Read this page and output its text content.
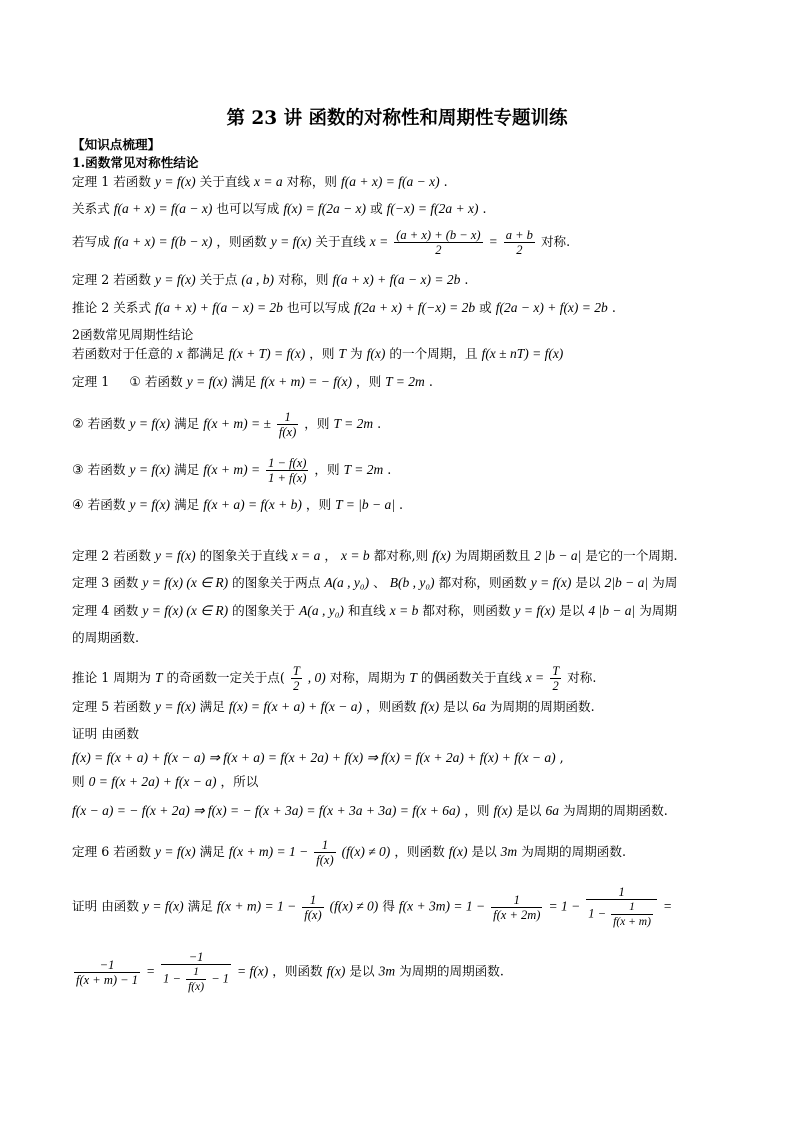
第 23 讲 函数的对称性和周期性专题训练
【知识点梳理】
1.函数常见对称性结论
定理 1 若函数 y = f(x) 关于直线 x = a 对称，则 f(a + x) = f(a − x) .
关系式 f(a + x) = f(a − x) 也可以写成 f(x) = f(2a − x) 或 f(−x) = f(2a + x) .
若写成 f(a + x) = f(b − x) ，则函数 y = f(x) 关于直线 $x = \frac{(a + x) + (b - x)}{2} = \frac{a + b}{2}$ 对称.
定理 2 若函数 y = f(x) 关于点 (a , b) 对称，则 f(a + x) + f(a − x) = 2b .
推论 2 关系式 f(a + x) + f(a − x) = 2b 也可以写成 f(2a + x) + f(−x) = 2b 或 f(2a − x) + f(x) = 2b .
2函数常见周期性结论
若函数对于任意的 x 都满足 f(x + T) = f(x) ，则 T 为 f(x) 的一个周期，且 f(x ± nT) = f(x)
定理 1 ① 若函数 y = f(x) 满足 f(x + m) = − f(x) ，则 T = 2m .
② 若函数 y = f(x) 满足 f(x + m) = ± $\frac{1}{f(x)}$ ，则 T = 2m .
③ 若函数 y = f(x) 满足 $f(x + m) = \frac{1 - f(x)}{1 + f(x)}$ ，则 T = 2m .
④ 若函数 y = f(x) 满足 f(x + a) = f(x + b) ，则 T = |b − a| .
定理 2 若函数 y = f(x) 的图象关于直线 x = a ， x = b 都对称,则 f(x) 为周期函数且 2 |b − a| 是它的一个周期.
定理 3 函数 y = f(x) (x ∈ R) 的图象关于两点 A(a , y₀) 、 B(b , y₀) 都对称，则函数 y = f(x) 是以 2|b − a| 为周
定理 4 函数 y = f(x) (x ∈ R) 的图象关于 A(a , y₀) 和直线 x = b 都对称，则函数 y = f(x) 是以 4 |b − a| 为周期
的周期函数.
推论 1 周期为 T 的奇函数一定关于点( $\frac{T}{2}$ , 0) 对称，周期为 T 的偶函数关于直线 $x = \frac{T}{2}$ 对称.
定理 5 若函数 y = f(x) 满足 f(x) = f(x + a) + f(x − a) ，则函数 f(x) 是以 6a 为周期的周期函数.
证明 由函数
f(x) = f(x + a) + f(x − a) ⇒ f(x + a) = f(x + 2a) + f(x) ⇒ f(x) = f(x + 2a) + f(x) + f(x − a) ,
则 0 = f(x + 2a) + f(x − a) ，所以
f(x − a) = − f(x + 2a) ⇒ f(x) = − f(x + 3a) = f(x + 3a + 3a) = f(x + 6a) ，则 f(x) 是以 6a 为周期的周期函数.
定理 6 若函数 y = f(x) 满足 $f(x + m) = 1 - \frac{1}{f(x)} (f(x) \ne 0)$ ，则函数 f(x) 是以 3m 为周期的周期函数.
证明 由函数 y = f(x) 满足 $f(x + m) = 1 - \frac{1}{f(x)} (f(x) \ne 0)$ 得 $f(x + 3m) = 1 - \frac{1}{f(x + 2m)} = 1 - \frac{1}{1 - \frac{1}{f(x + m)}}$ =
$\frac{-1}{f(x + m) - 1} = \frac{-1}{1 - \frac{1}{f(x)} - 1} = f(x)$ ，则函数 f(x) 是以 3m 为周期的周期函数.
